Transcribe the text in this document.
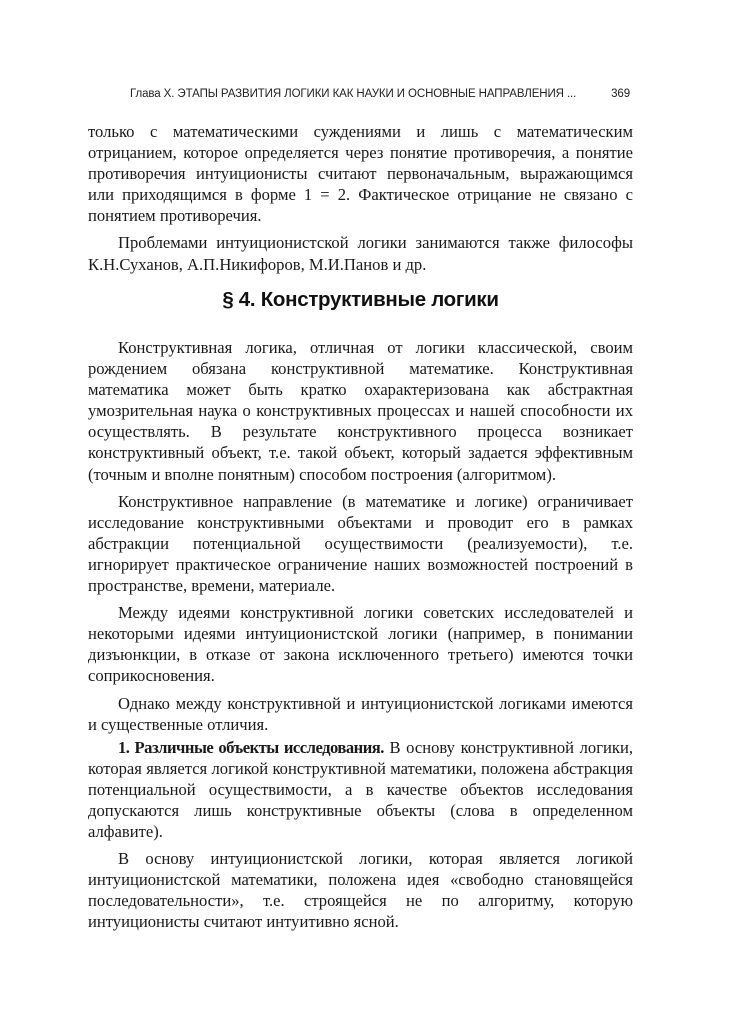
Глава X. ЭТАПЫ РАЗВИТИЯ ЛОГИКИ КАК НАУКИ И ОСНОВНЫЕ НАПРАВЛЕНИЯ ...	369

только с математическими суждениями и лишь с математическим отрицанием, которое определяется через понятие противоречия, а понятие противоречия интуиционисты считают первоначальным, выражающимся или приходящимся в форме 1 = 2. Фактическое отрицание не связано с понятием противоречия.

Проблемами интуиционистской логики занимаются также философы К.Н.Суханов, А.П.Никифоров, М.И.Панов и др.

§ 4. Конструктивные логики

Конструктивная логика, отличная от логики классической, своим рождением обязана конструктивной математике. Конструктивная математика может быть кратко охарактеризована как абстрактная умозрительная наука о конструктивных процессах и нашей способности их осуществлять. В результате конструктивного процесса возникает конструктивный объект, т.е. такой объект, который задается эффективным (точным и вполне понятным) способом построения (алгоритмом).

Конструктивное направление (в математике и логике) ограничивает исследование конструктивными объектами и проводит его в рамках абстракции потенциальной осуществимости (реализуемости), т.е. игнорирует практическое ограничение наших возможностей построений в пространстве, времени, материале.

Между идеями конструктивной логики советских исследователей и некоторыми идеями интуиционистской логики (например, в понимании дизъюнкции, в отказе от закона исключенного третьего) имеются точки соприкосновения.

Однако между конструктивной и интуиционистской логиками имеются и существенные отличия.

1. Различные объекты исследования. В основу конструктивной логики, которая является логикой конструктивной математики, положена абстракция потенциальной осуществимости, а в качестве объектов исследования допускаются лишь конструктивные объекты (слова в определенном алфавите).

В основу интуиционистской логики, которая является логикой интуиционистской математики, положена идея «свободно становящейся последовательности», т.е. строящейся не по алгоритму, которую интуиционисты считают интуитивно ясной.
